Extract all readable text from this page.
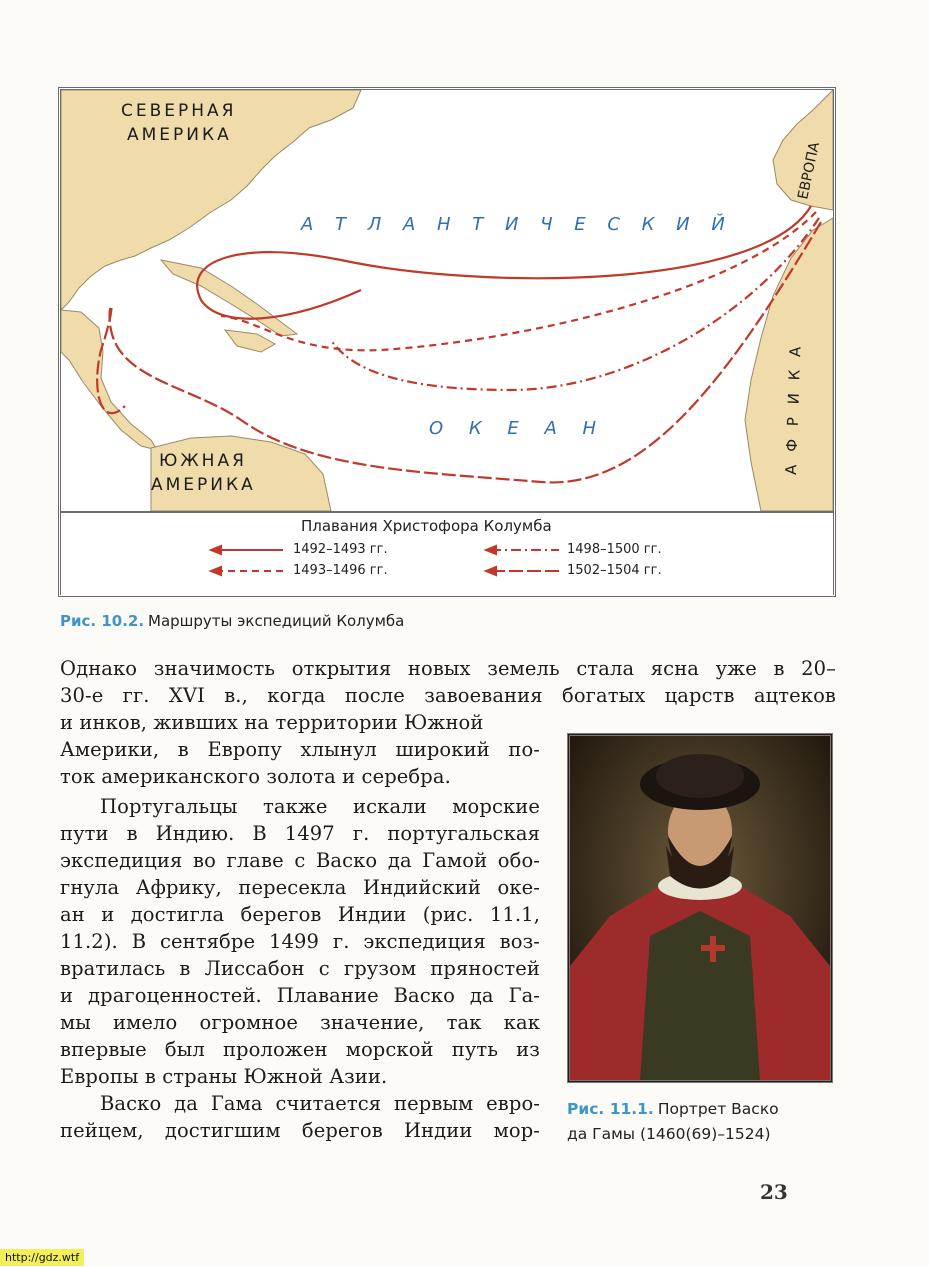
СЕВЕРНАЯ
АМЕРИКА
ЮЖНАЯ
АМЕРИКА
ЕВРОПА
А Ф Р И К А
А Т Л А Н Т И Ч Е С К И Й
О К Е А Н
Плавания Христофора Колумба
1492–1493 гг.
1493–1496 гг.
1498–1500 гг.
1502–1504 гг.
Рис. 10.2. Маршруты экспедиций Колумба
Однако значимость открытия новых земель стала ясна уже в 20–
30-е гг. XVI в., когда после завоевания богатых царств ацтеков
и инков, живших на территории Южной
Америки, в Европу хлынул широкий по-
ток американского золота и серебра.
Португальцы также искали морские
пути в Индию. В 1497 г. португальская
экспедиция во главе с Васко да Гамой обо-
гнула Африку, пересекла Индийский оке-
ан и достигла берегов Индии (рис. 11.1,
11.2). В сентябре 1499 г. экспедиция воз-
вратилась в Лиссабон с грузом пряностей
и драгоценностей. Плавание Васко да Га-
мы имело огромное значение, так как
впервые был проложен морской путь из
Европы в страны Южной Азии.
Васко да Гама считается первым евро-
пейцем, достигшим берегов Индии мор-
Рис. 11.1. Портрет Васко
да Гамы (1460(69)–1524)
23
http://gdz.wtf
